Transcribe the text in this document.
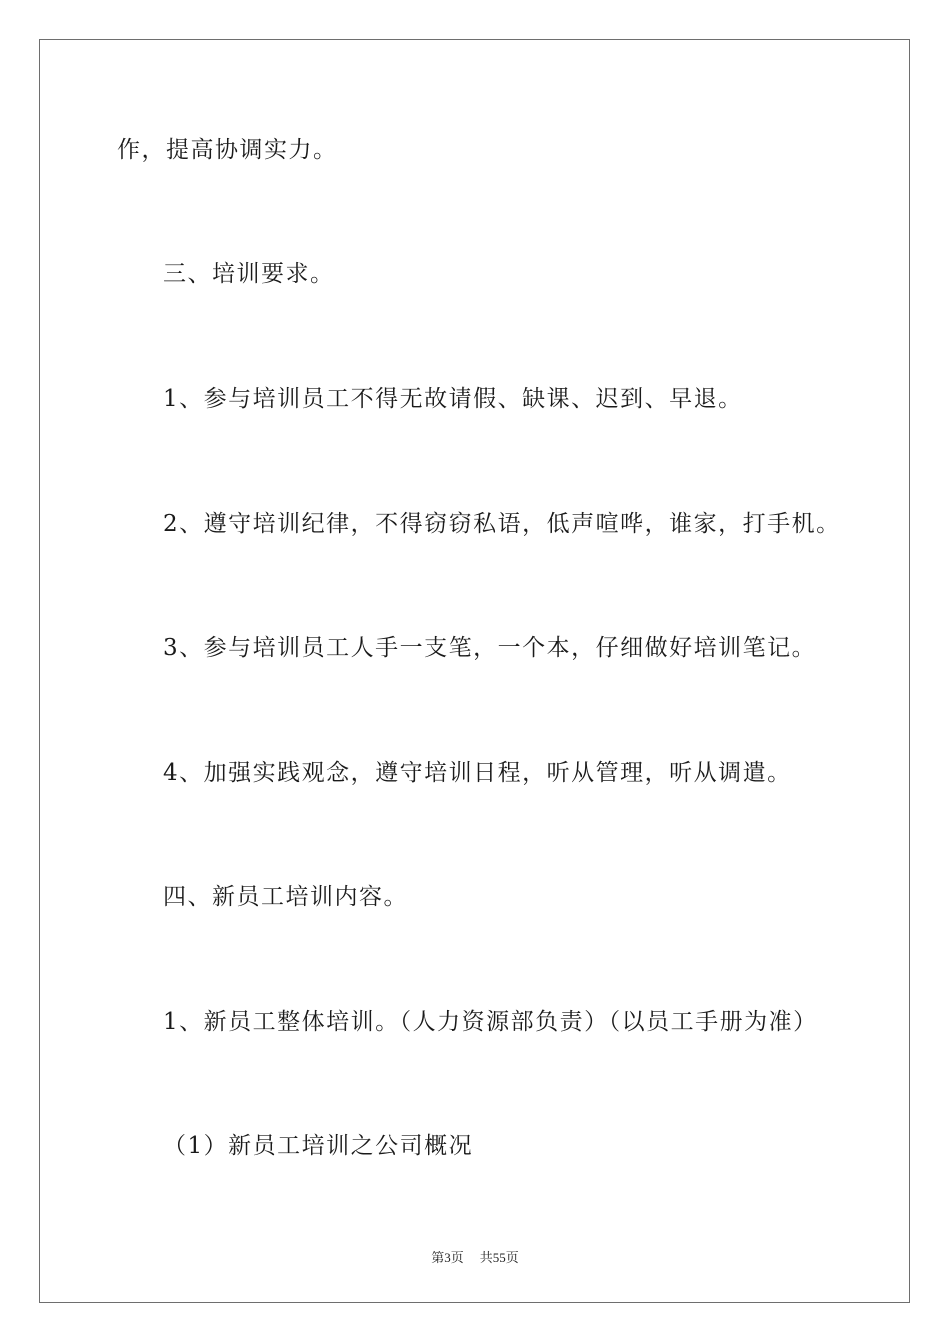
作，提高协调实力。
三、培训要求。
1、参与培训员工不得无故请假、缺课、迟到、早退。
2、遵守培训纪律，不得窃窃私语，低声喧哗，谁家，打手机。
3、参与培训员工人手一支笔，一个本，仔细做好培训笔记。
4、加强实践观念，遵守培训日程，听从管理，听从调遣。
四、新员工培训内容。
1、新员工整体培训。（人力资源部负责）（以员工手册为准）
（1）新员工培训之公司概况
第3页 共55页
